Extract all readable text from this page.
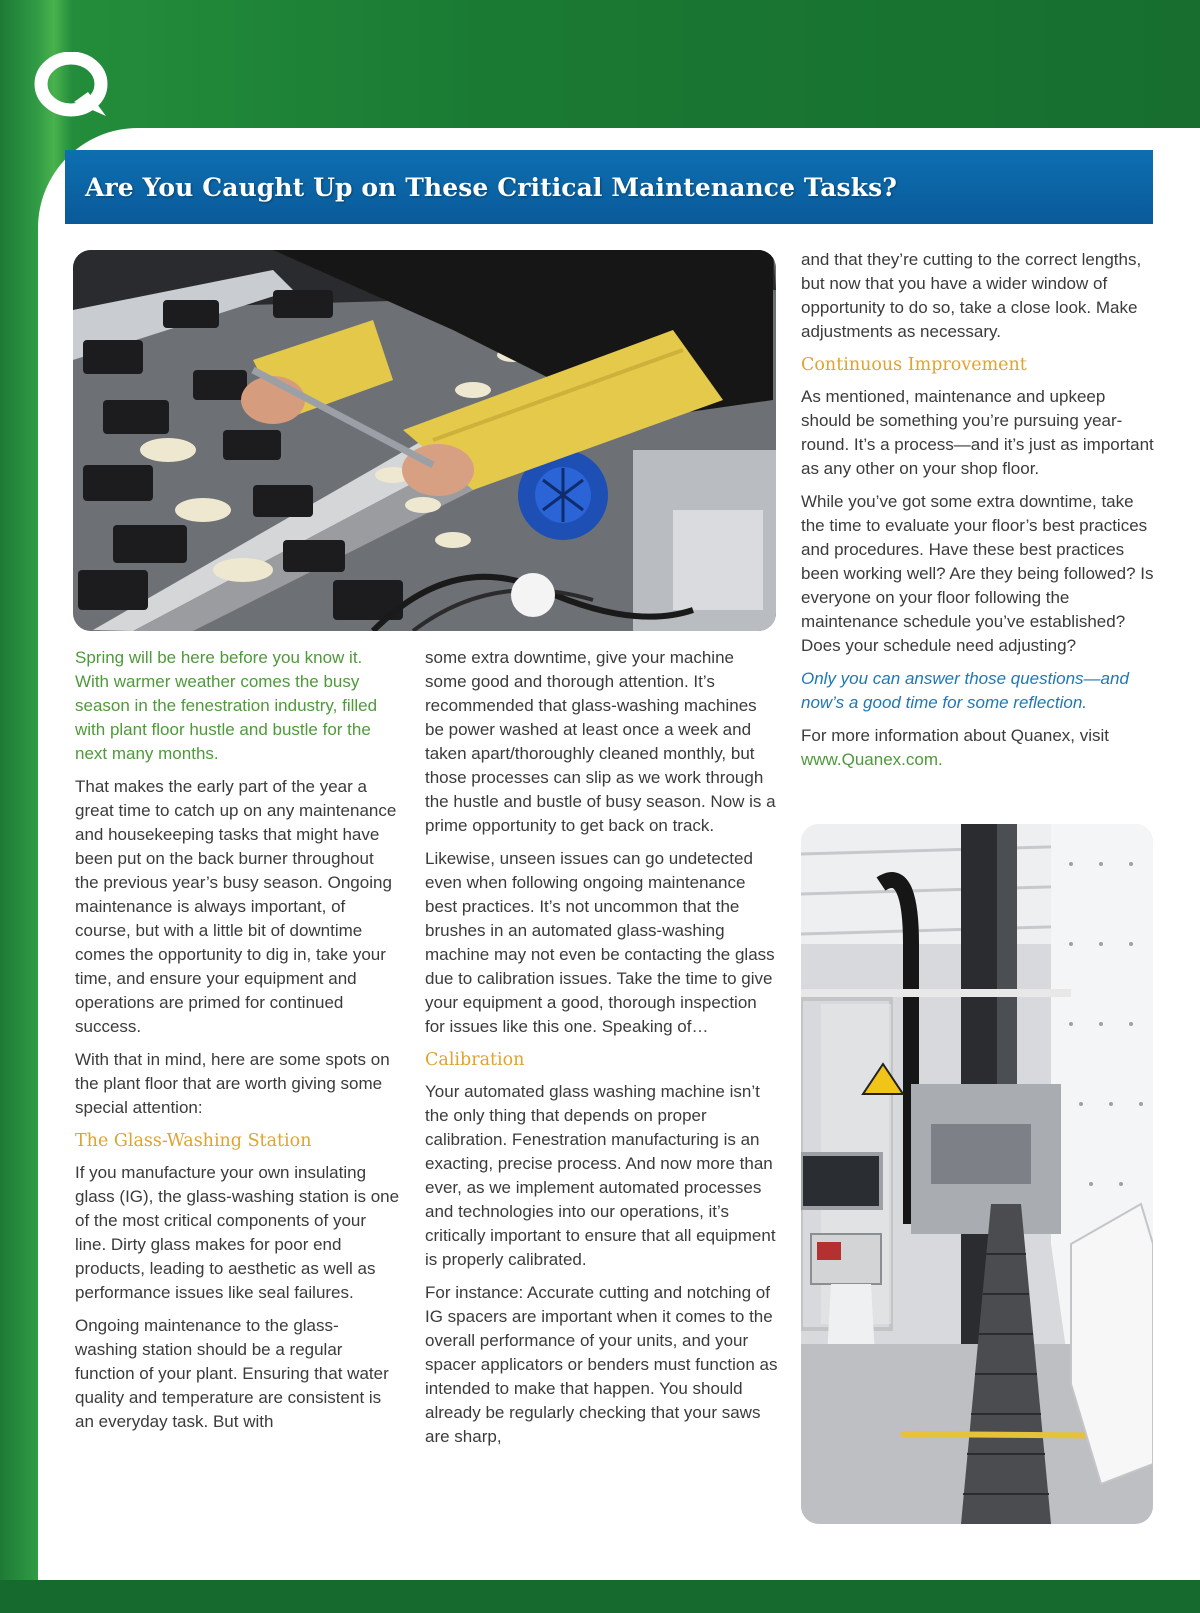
Are You Caught Up on These Critical Maintenance Tasks?

Spring will be here before you know it. With warmer weather comes the busy season in the fenestration industry, filled with plant floor hustle and bustle for the next many months.

That makes the early part of the year a great time to catch up on any maintenance and housekeeping tasks that might have been put on the back burner throughout the previous year’s busy season. Ongoing maintenance is always important, of course, but with a little bit of downtime comes the opportunity to dig in, take your time, and ensure your equipment and operations are primed for continued success.

With that in mind, here are some spots on the plant floor that are worth giving some special attention:

The Glass-Washing Station

If you manufacture your own insulating glass (IG), the glass-washing station is one of the most critical components of your line. Dirty glass makes for poor end products, leading to aesthetic as well as performance issues like seal failures.

Ongoing maintenance to the glass-washing station should be a regular function of your plant. Ensuring that water quality and temperature are consistent is an everyday task. But with

some extra downtime, give your machine some good and thorough attention. It’s recommended that glass-washing machines be power washed at least once a week and taken apart/thoroughly cleaned monthly, but those processes can slip as we work through the hustle and bustle of busy season. Now is a prime opportunity to get back on track.

Likewise, unseen issues can go undetected even when following ongoing maintenance best practices. It’s not uncommon that the brushes in an automated glass-washing machine may not even be contacting the glass due to calibration issues. Take the time to give your equipment a good, thorough inspection for issues like this one. Speaking of…

Calibration

Your automated glass washing machine isn’t the only thing that depends on proper calibration. Fenestration manufacturing is an exacting, precise process. And now more than ever, as we implement automated processes and technologies into our operations, it’s critically important to ensure that all equipment is properly calibrated.

For instance: Accurate cutting and notching of IG spacers are important when it comes to the overall performance of your units, and your spacer applicators or benders must function as intended to make that happen. You should already be regularly checking that your saws are sharp,

and that they’re cutting to the correct lengths, but now that you have a wider window of opportunity to do so, take a close look. Make adjustments as necessary.

Continuous Improvement

As mentioned, maintenance and upkeep should be something you’re pursuing year-round. It’s a process—and it’s just as important as any other on your shop floor.

While you’ve got some extra downtime, take the time to evaluate your floor’s best practices and procedures. Have these best practices been working well? Are they being followed? Is everyone on your floor following the maintenance schedule you’ve established? Does your schedule need adjusting?

Only you can answer those questions—and now’s a good time for some reflection.

For more information about Quanex, visit
www.Quanex.com.
